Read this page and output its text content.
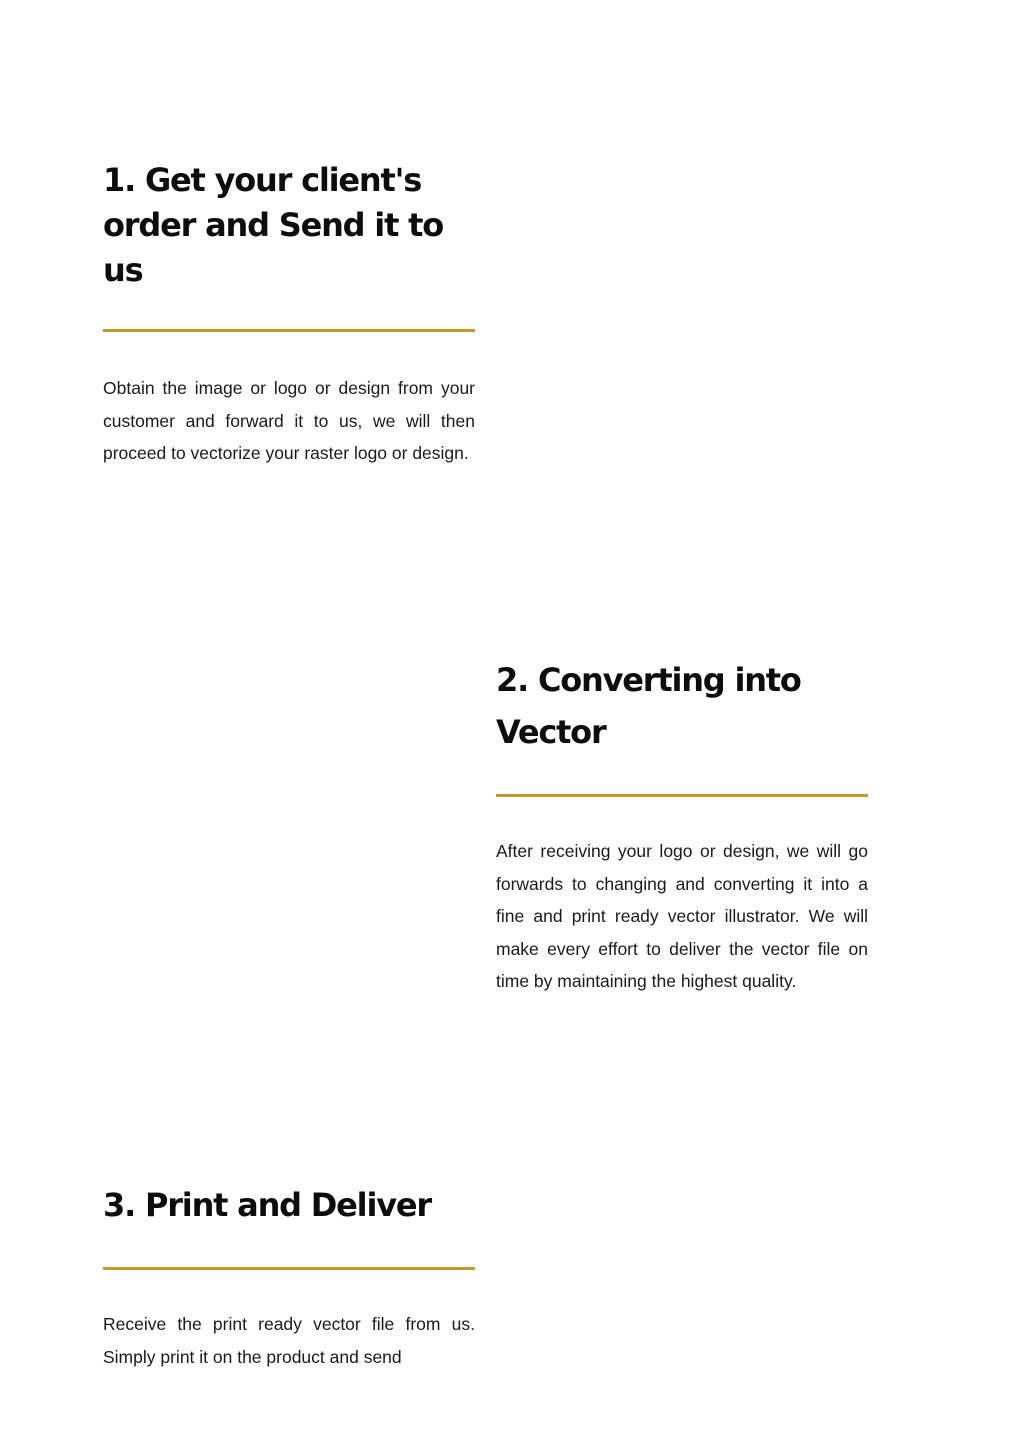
1. Get your client's order and Send it to us

Obtain the image or logo or design from your customer and forward it to us, we will then proceed to vectorize your raster logo or design.

2. Converting into Vector

After receiving your logo or design, we will go forwards to changing and converting it into a fine and print ready vector illustrator. We will make every effort to deliver the vector file on time by maintaining the highest quality.

3. Print and Deliver

Receive the print ready vector file from us. Simply print it on the product and send
